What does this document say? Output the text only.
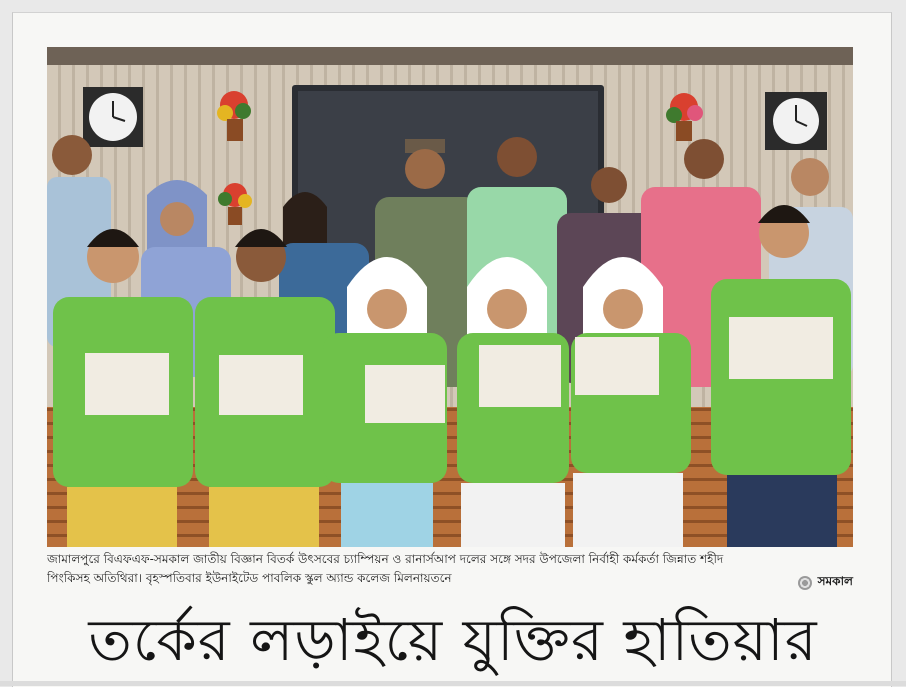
জামালপুরে বিএফএফ-সমকাল জাতীয় বিজ্ঞান বিতর্ক উৎসবের চ্যাম্পিয়ন ও রানার্সআপ দলের সঙ্গে সদর উপজেলা নির্বাহী কর্মকর্তা জিন্নাত শহীদ
পিংকিসহ অতিথিরা। বৃহস্পতিবার ইউনাইটেড পাবলিক স্কুল অ্যান্ড কলেজ মিলনায়তনে	সমকাল
তর্কের লড়াইয়ে যুক্তির হাতিয়ার
